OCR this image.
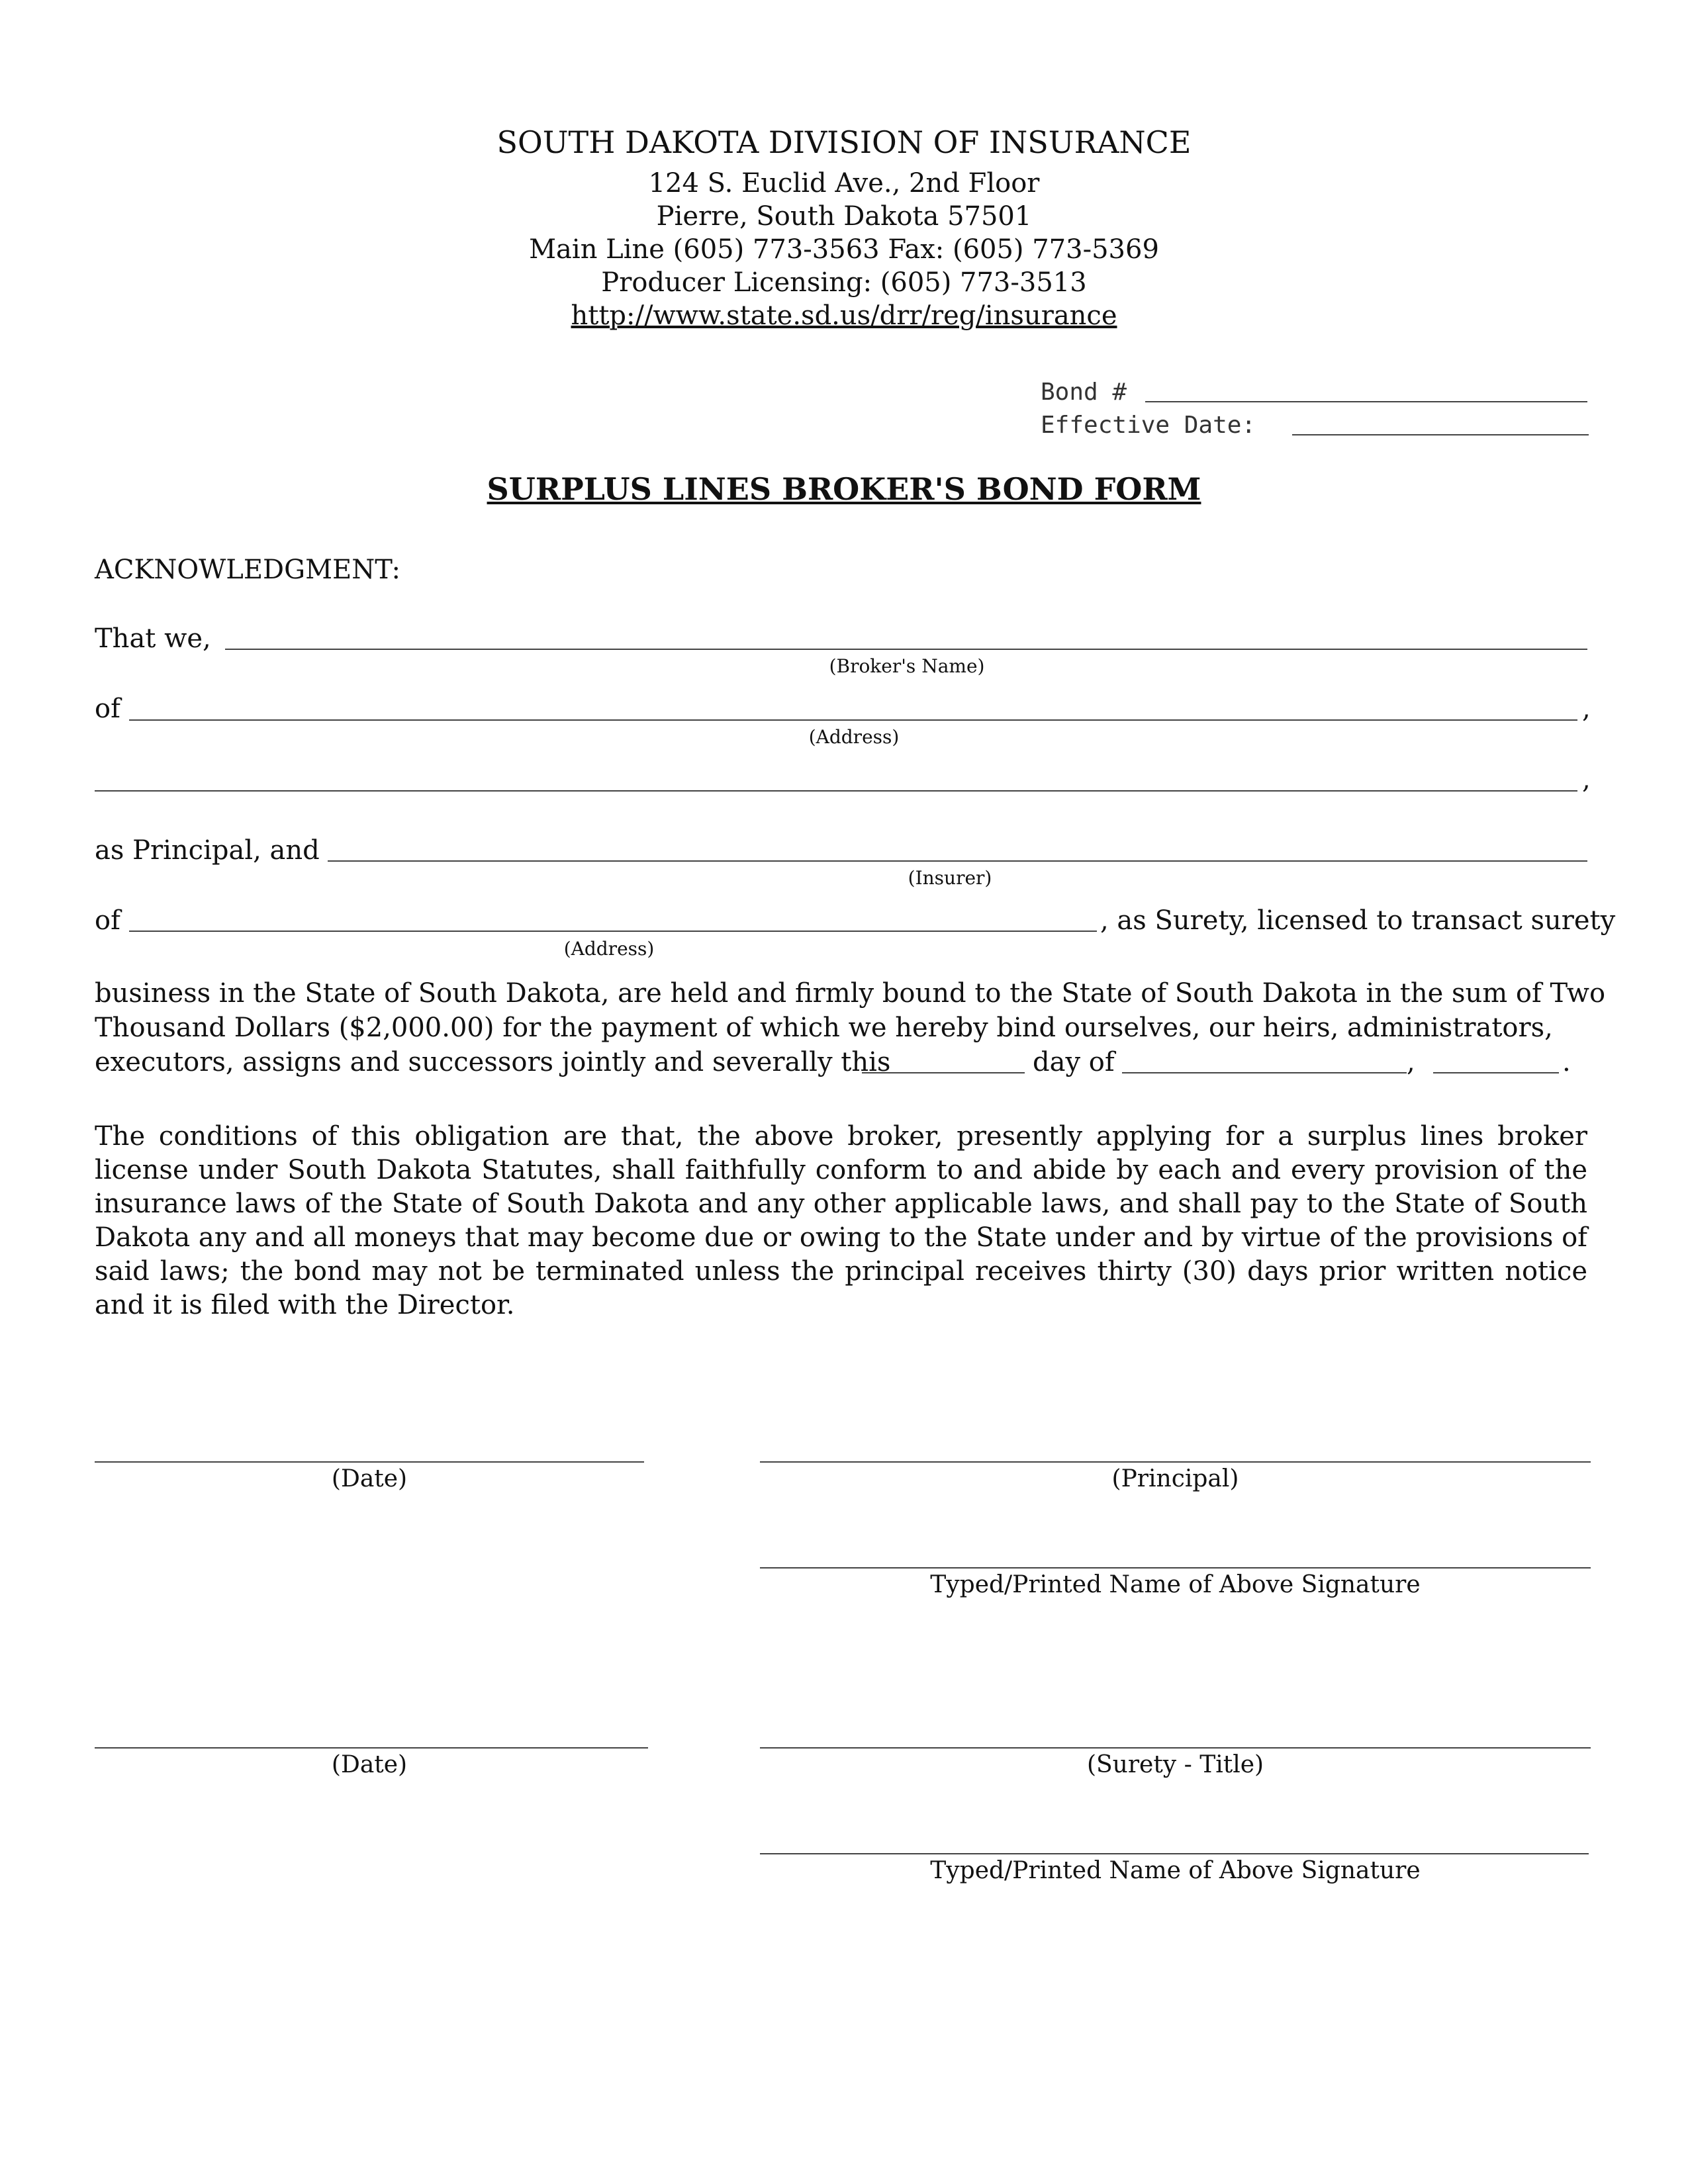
SOUTH DAKOTA DIVISION OF INSURANCE
124 S. Euclid Ave., 2nd Floor
Pierre, South Dakota 57501
Main Line (605) 773-3563 Fax: (605) 773-5369
Producer Licensing: (605) 773-3513
http://www.state.sd.us/drr/reg/insurance
Bond #
Effective Date:
SURPLUS LINES BROKER'S BOND FORM
ACKNOWLEDGMENT:
That we,
(Broker's Name)
of	,
(Address)
,
as Principal, and
(Insurer)
of	, as Surety, licensed to transact surety
(Address)
business in the State of South Dakota, are held and firmly bound to the State of South Dakota in the sum of Two
Thousand Dollars ($2,000.00) for the payment of which we hereby bind ourselves, our heirs, administrators,
executors, assigns and successors jointly and severally this	day of	,	.
The conditions of this obligation are that, the above broker, presently applying for a surplus lines broker license under South Dakota Statutes, shall faithfully conform to and abide by each and every provision of the insurance laws of the State of South Dakota and any other applicable laws, and shall pay to the State of South Dakota any and all moneys that may become due or owing to the State under and by virtue of the provisions of said laws; the bond may not be terminated unless the principal receives thirty (30) days prior written notice and it is filed with the Director.
(Date)	(Principal)
Typed/Printed Name of Above Signature
(Date)	(Surety - Title)
Typed/Printed Name of Above Signature
